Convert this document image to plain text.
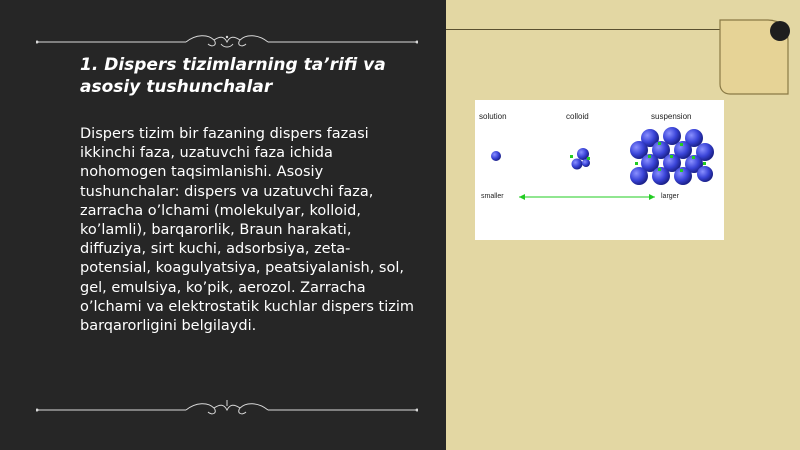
1. Dispers tizimlarning ta’rifi va asosiy tushunchalar

Dispers tizim bir fazaning dispers fazasi ikkinchi faza, uzatuvchi faza ichida nohomogen taqsimlanishi. Asosiy tushunchalar: dispers va uzatuvchi faza, zarracha o’lchami (molekulyar, kolloid, ko’lamli), barqarorlik, Braun harakati, diffuziya, sirt kuchi, adsorbsiya, zeta-potensial, koagulyatsiya, peatsiyalanish, sol, gel, emulsiya, ko’pik, aerozol. Zarracha o’lchami va elektrostatik kuchlar dispers tizim barqarorligini belgilaydi.

solution	colloid	suspension
smaller	larger
